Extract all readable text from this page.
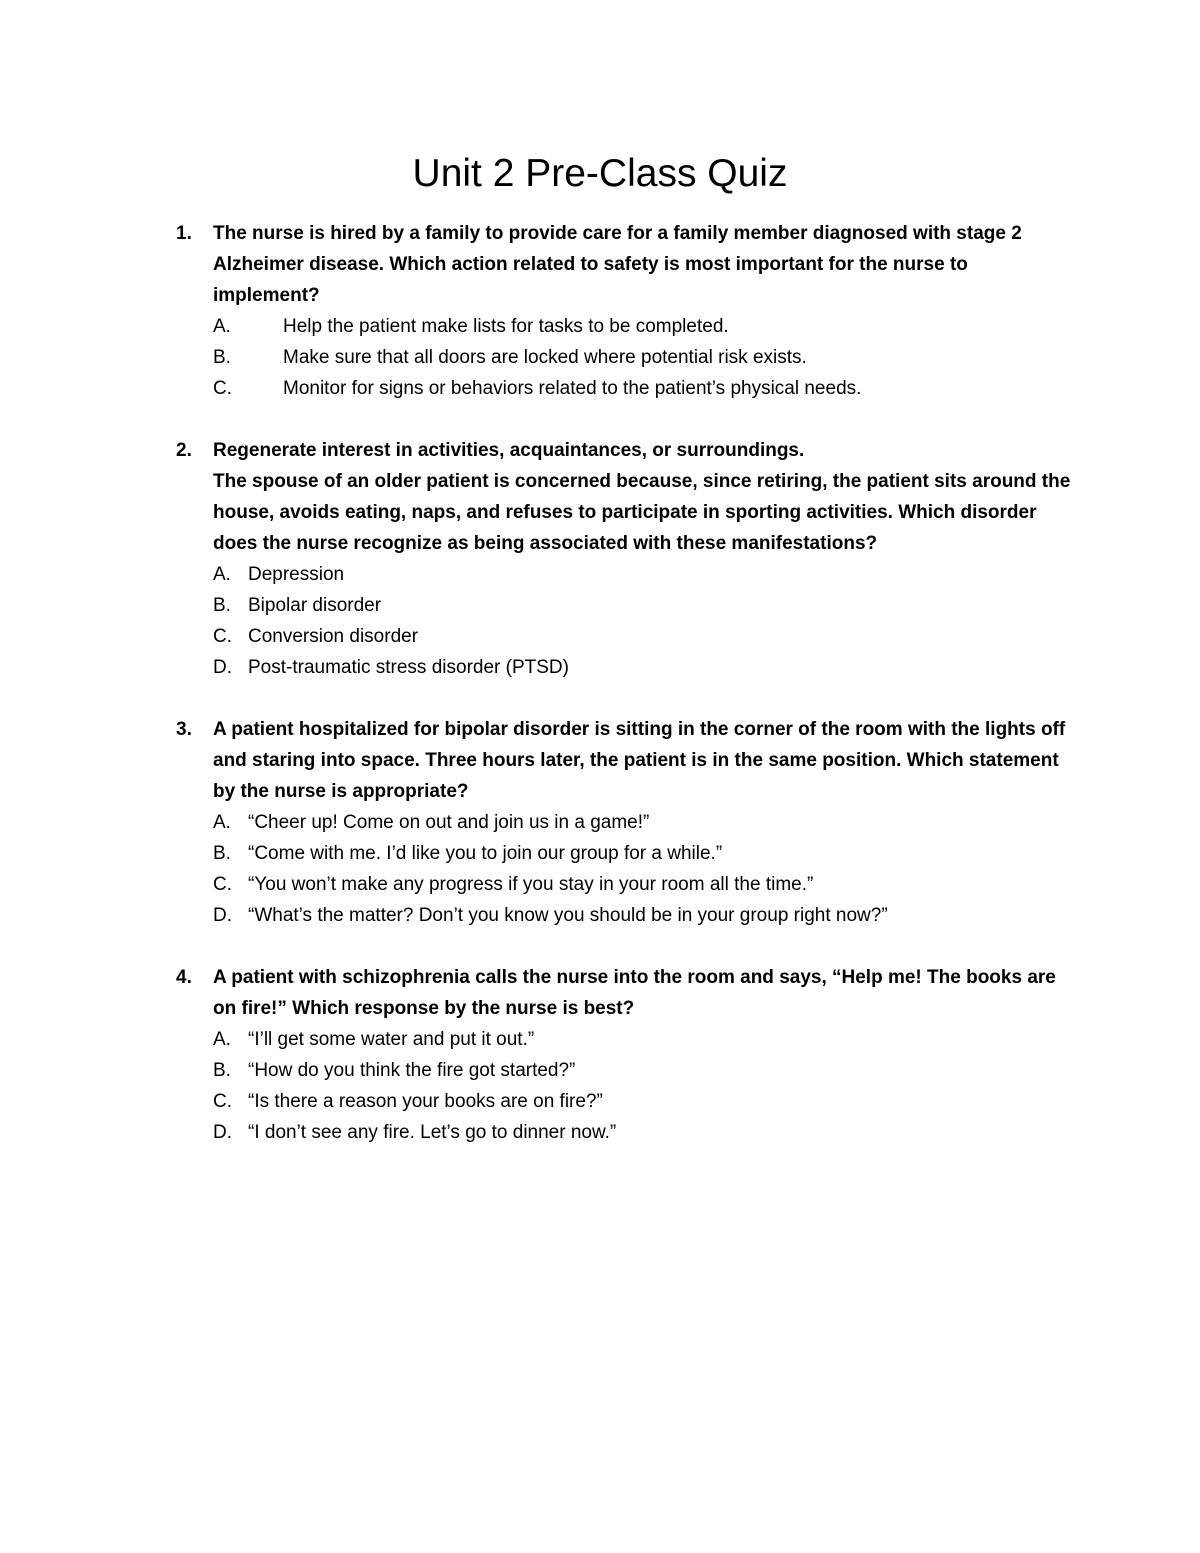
Unit 2 Pre-Class Quiz
1.	The nurse is hired by a family to provide care for a family member diagnosed with stage 2 Alzheimer disease. Which action related to safety is most important for the nurse to implement?
A.	Help the patient make lists for tasks to be completed.
B.	Make sure that all doors are locked where potential risk exists.
C.	Monitor for signs or behaviors related to the patient’s physical needs.
2.	Regenerate interest in activities, acquaintances, or surroundings.
The spouse of an older patient is concerned because, since retiring, the patient sits around the house, avoids eating, naps, and refuses to participate in sporting activities. Which disorder does the nurse recognize as being associated with these manifestations?
A. Depression
B. Bipolar disorder
C. Conversion disorder
D. Post-traumatic stress disorder (PTSD)
3.	A patient hospitalized for bipolar disorder is sitting in the corner of the room with the lights off and staring into space. Three hours later, the patient is in the same position. Which statement by the nurse is appropriate?
A. “Cheer up! Come on out and join us in a game!”
B. “Come with me. I’d like you to join our group for a while.”
C. “You won’t make any progress if you stay in your room all the time.”
D. “What’s the matter? Don’t you know you should be in your group right now?”
4.	A patient with schizophrenia calls the nurse into the room and says, “Help me! The books are on fire!” Which response by the nurse is best?
A. “I’ll get some water and put it out.”
B. “How do you think the fire got started?”
C. “Is there a reason your books are on fire?”
D. “I don’t see any fire. Let’s go to dinner now.”
